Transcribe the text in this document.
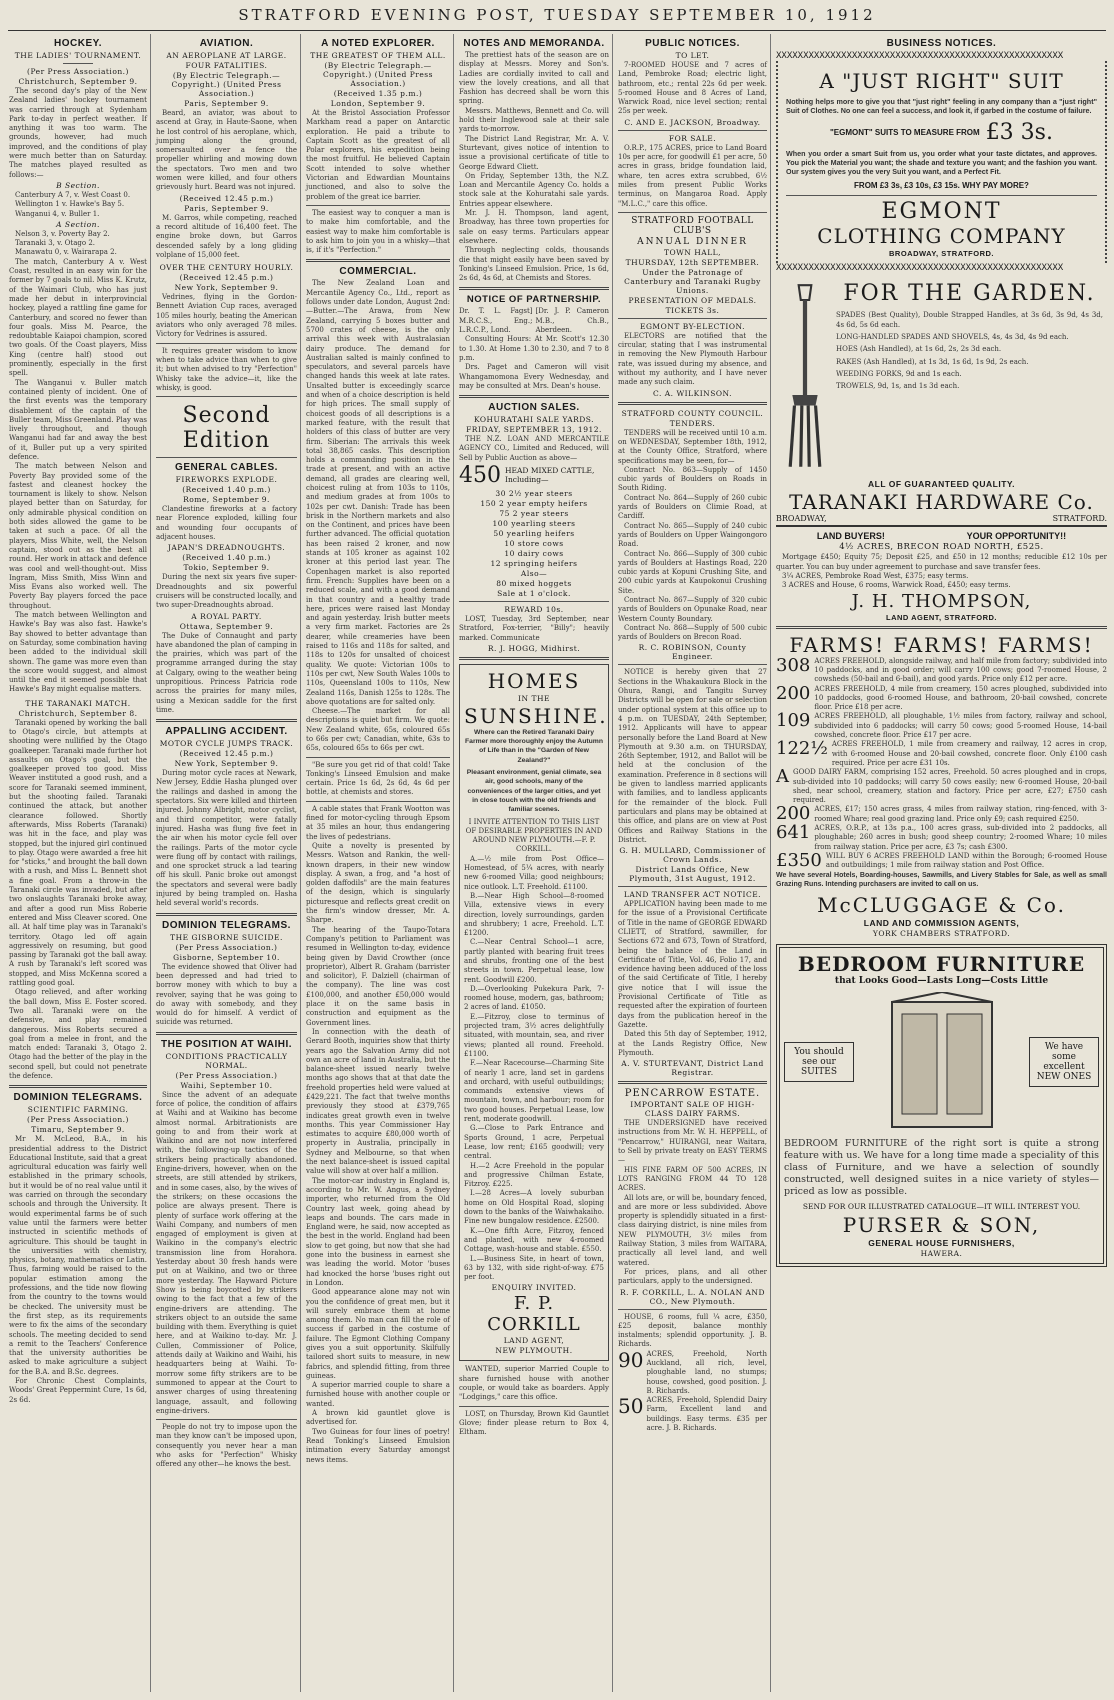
STRATFORD EVENING POST, TUESDAY SEPTEMBER 10, 1912
HOCKEY.
THE LADIES' TOURNAMENT.
(Per Press Association.)
Christchurch, September 9.

The second day's play of the New Zealand ladies' hockey tournament was carried through at Sydenham Park to-day in perfect weather. If anything it was too warm. The grounds, however, had much improved, and the conditions of play were much better than on Saturday. The matches played resulted as follows:—

B Section.

Canterbury A 7, v. West Coast 0.

Wellington 1 v. Hawke's Bay 5.

Wanganui 4, v. Buller 1.

A Section.

Nelson 3, v. Poverty Bay 2.

Taranaki 3, v. Otago 2.

Manawatu 0, v. Wairarapa 2.

The match, Canterbury A v. West Coast, resulted in an easy win for the former by 7 goals to nil. Miss K. Krutz, of the Waimari Club, who has just made her debut in interprovincial hockey, played a rattling fine game for Canterbury, and scored no fewer than four goals. Miss M. Pearce, the redoubtable Kaiapoi champion, scored two goals. Of the Coast players, Miss King (centre half) stood out prominently, especially in the first spell.

The Wanganui v. Buller match contained plenty of incident. One of the first events was the temporary disablement of the captain of the Buller team, Miss Greenland. Play was lively throughout, and though Wanganui had far and away the best of it, Buller put up a very spirited defence.

The match between Nelson and Poverty Bay provided some of the fastest and cleanest hockey the tournament is likely to show. Nelson played better than on Saturday, for only admirable physical condition on both sides allowed the game to be taken at such a pace. Of all the players, Miss White, well, the Nelson captain, stood out as the best all round. Her work in attack and defence was cool and well-thought-out. Miss Ingram, Miss Smith, Miss Winn and Miss Evans also worked well. The Poverty Bay players forced the pace throughout.

The match between Wellington and Hawke's Bay was also fast. Hawke's Bay showed to better advantage than on Saturday, some combination having been added to the individual skill shown. The game was more even than the score would suggest, and almost until the end it seemed possible that Hawke's Bay might equalise matters.

THE TARANAKI MATCH.
Christchurch, September 8.

Taranaki opened by working the ball to Otago's circle, but attempts at shooting were nullified by the Otago goalkeeper. Taranaki made further hot assaults on Otago's goal, but the goalkeeper proved too good. Miss Weaver instituted a good rush, and a score for Taranaki seemed imminent, but the shooting failed. Taranaki continued the attack, but another clearance followed. Shortly afterwards, Miss Roberts (Taranaki) was hit in the face, and play was stopped, but the injured girl continued to play. Otago were awarded a free hit for "sticks," and brought the ball down with a rush, and Miss L. Bennett shot a fine goal. From a throw-in the Taranaki circle was invaded, but after two onslaughts Taranaki broke away, and after a good run Miss Roberie entered and Miss Cleaver scored. One all. At half time play was in Taranaki's territory. Otago led off again aggressively on resuming, but good passing by Taranaki got the ball away. A rush by Taranaki's left scored was stopped, and Miss McKenna scored a rattling good goal.

Otago relieved, and after working the ball down, Miss E. Foster scored. Two all. Taranaki were on the defensive, and play remained dangerous. Miss Roberts secured a goal from a melee in front, and the match ended: Taranaki 3, Otago 2. Otago had the better of the play in the second spell, but could not penetrate the defence.

DOMINION TELEGRAMS.
SCIENTIFIC FARMING.
(Per Press Association.)
Timaru, September 9.

Mr M. McLeod, B.A., in his presidential address to the District Educational Institute, said that a great agricultural education was fairly well established in the primary schools, but it would be of no real value until it was carried on through the secondary schools and through the University. It would experimental farms be of such value until the farmers were better instructed in scientific methods of agriculture. This should be taught in the universities with chemistry, physics, botany, mathematics or Latin. Thus, farming would be raised to the popular estimation among the professions, and the tide now flowing from the country to the towns would be checked. The university must be the first step, as its requirements were to fix the aims of the secondary schools. The meeting decided to send a remit to the Teachers' Conference that the university authorities be asked to make agriculture a subject for the B.A. and B.Sc. degrees.

For Chronic Chest Complaints, Woods' Great Peppermint Cure, 1s 6d, 2s 6d.

AVIATION.
AN AEROPLANE AT LARGE.
FOUR FATALITIES.
(By Electric Telegraph.—Copyright.) (United Press Association.)
Paris, September 9.

Beard, an aviator, was about to ascend at Gray, in Haute-Saone, when he lost control of his aeroplane, which, jumping along the ground, somersaulted over a fence the propeller whirling and mowing down the spectators. Two men and two women were killed, and four others grievously hurt. Beard was not injured.

(Received 12.45 p.m.)
Paris, September 9.

M. Garros, while competing, reached a record altitude of 16,400 feet. The engine broke down, but Garros descended safely by a long gliding volplane of 15,000 feet.

OVER THE CENTURY HOURLY.
(Received 12.45 p.m.)
New York, September 9.

Vedrines, flying in the Gordon-Bennett Aviation Cup races, averaged 105 miles hourly, beating the American aviators who only averaged 78 miles. Victory for Vedrines is assured.

It requires greater wisdom to know when to take advice than when to give it; but when advised to try "Perfection" Whisky take the advice—it, like the whisky, is good.

Second Edition
GENERAL CABLES.
FIREWORKS EXPLODE.
(Received 1.40 p.m.)
Rome, September 9.

Clandestine fireworks at a factory near Florence exploded, killing four and wounding four occupants of adjacent houses.

JAPAN'S DREADNOUGHTS.
(Received 1.40 p.m.)
Tokio, September 9.

During the next six years five super-Dreadnoughts and six powerful cruisers will be constructed locally, and two super-Dreadnoughts abroad.

A ROYAL PARTY.
Ottawa, September 9.

The Duke of Connaught and party have abandoned the plan of camping in the prairies, which was part of the programme arranged during the stay at Calgary, owing to the weather being unpropitious. Princess Patricia rode across the prairies for many miles, using a Mexican saddle for the first time.

APPALLING ACCIDENT.
MOTOR CYCLE JUMPS TRACK.
(Received 12.45 p.m.)
New York, September 9.

During motor cycle races at Newark, New Jersey, Eddie Hasha plunged over the railings and dashed in among the spectators. Six were killed and thirteen injured. Johnny Albright, motor cyclist, and third competitor, were fatally injured. Hasha was flung five feet in the air when his motor cycle fell over the railings. Parts of the motor cycle were flung off by contact with railings, and one sprocket struck a lad tearing off his skull. Panic broke out amongst the spectators and several were badly injured by being trampled on. Hasha held several world's records.

DOMINION TELEGRAMS.
THE GISBORNE SUICIDE.
(Per Press Association.)
Gisborne, September 10.

The evidence showed that Oliver had been depressed and had tried to borrow money with which to buy a revolver, saying that he was going to do away with somebody, and they would do for himself. A verdict of suicide was returned.

THE POSITION AT WAIHI.
CONDITIONS PRACTICALLY NORMAL.
(Per Press Association.)
Waihi, September 10.

Since the advent of an adequate force of police, the condition of affairs at Waihi and at Waikino has become almost normal. Arbitrationists are going to and from their work at Waikino and are not now interfered with, the following-up tactics of the strikers being practically abandoned. Engine-drivers, however, when on the streets, are still attended by strikers, and in some cases, also, by the wives of the strikers; on these occasions the police are always present. There is plenty of surface work offering at the Waihi Company, and numbers of men engaged of employment is given at Waikino in the company's electric transmission line from Horahora. Yesterday about 30 fresh hands were put on at Waikino, and two or three more yesterday. The Hayward Picture Show is being boycotted by strikers owing to the fact that a few of the engine-drivers are attending. The strikers object to an outside the same building with them. Everything is quiet here, and at Waikino to-day. Mr. J. Cullen, Commissioner of Police, attends daily at Waikino and Waihi, his headquarters being at Waihi. To-morrow some fifty strikers are to be summoned to appear at the Court to answer charges of using threatening language, assault, and following engine-drivers.

People do not try to impose upon the man they know can't be imposed upon, consequently you never hear a man who asks for "Perfection" Whisky offered any other—he knows the best.

A NOTED EXPLORER.
THE GREATEST OF THEM ALL.
(By Electric Telegraph.—Copyright.) (United Press Association.)
(Received 1.35 p.m.)
London, September 9.

At the Bristol Association Professor Markham read a paper on Antarctic exploration. He paid a tribute to Captain Scott as the greatest of all Polar explorers, his expedition being the most fruitful. He believed Captain Scott intended to solve whether Victorian and Edwardian Mountains junctioned, and also to solve the problem of the great ice barrier.

The easiest way to conquer a man is to make him comfortable, and the easiest way to make him comfortable is to ask him to join you in a whisky—that is, if it's "Perfection."

COMMERCIAL.

The New Zealand Loan and Mercantile Agency Co., Ltd., report as follows under date London, August 2nd:—Butter.—The Arawa, from New Zealand, carrying 5 boxes butter and 5700 crates of cheese, is the only arrival this week with Australasian dairy produce. The demand for Australian salted is mainly confined to speculators, and several parcels have changed hands this week at late rates. Unsalted butter is exceedingly scarce and when of a choice description is held for high prices. The small supply of choicest goods of all descriptions is a marked feature, with the result that holders of this class of butter are very firm. Siberian: The arrivals this week total 38,865 casks. This description holds a commanding position in the trade at present, and with an active demand, all grades are clearing well, choicest ruling at from 103s to 110s, and medium grades at from 100s to 102s per cwt. Danish: Trade has been brisk in the Northern markets and also on the Continent, and prices have been further advanced. The official quotation has been raised 2 kroner, and now stands at 105 kroner as against 102 kroner at this period last year. The Copenhagen market is also reported firm. French: Supplies have been on a reduced scale, and with a good demand in that country and a healthy trade here, prices were raised last Monday and again yesterday. Irish butter meets a very firm market. Factories are 2s dearer, while creameries have been raised to 116s and 118s for salted, and 118s to 120s for unsalted of choicest quality. We quote: Victorian 100s to 110s per cwt, New South Wales 100s to 110s, Queensland 100s to 110s, New Zealand 116s, Danish 125s to 128s. The above quotations are for salted only.

Cheese.—The market for all descriptions is quiet but firm. We quote: New Zealand white, 65s, coloured 65s to 66s per cwt; Canadian, white, 63s to 65s, coloured 65s to 66s per cwt.

"Be sure you get rid of that cold! Take Tonking's Linseed Emulsion and make certain. Price 1s 6d, 2s 6d, 4s 6d per bottle, at chemists and stores.

A cable states that Frank Wootton was fined for motor-cycling through Epsom at 35 miles an hour, thus endangering the lives of pedestrians.

Quite a novelty is presented by Messrs. Watson and Rankin, the well-known drapers, in their new window display. A swan, a frog, and "a host of golden daffodils" are the main features of the design, which is singularly picturesque and reflects great credit on the firm's window dresser, Mr. A. Sharpe.

The hearing of the Taupo-Totara Company's petition to Parliament was resumed in Wellington to-day, evidence being given by David Crowther (once proprietor), Albert R. Graham (barrister and solicitor), F. Dalziell (chairman of the company). The line was cost £100,000, and another £50,000 would place it on the same basis in construction and equipment as the Government lines.

In connection with the death of Gerard Booth, inquiries show that thirty years ago the Salvation Army did not own an acre of land in Australia, but the balance-sheet issued nearly twelve months ago shows that at that date the freehold properties held were valued at £429,221. The fact that twelve months previously they stood at £379,765 indicates great growth even in twelve months. This year Commissioner Hay estimates to acquire £80,000 worth of property in Australia, principally in Sydney and Melbourne, so that when the next balance-sheet is issued capital value will show at over half a million.

The motor-car industry in England is, according to Mr. W. Angus, a Sydney importer, who returned from the Old Country last week, going ahead by leaps and bounds. The cars made in England were, he said, now accepted as the best in the world. England had been slow to get going, but now that she had gone into the business in earnest she was leading the world. Motor 'buses had knocked the horse 'buses right out in London.

Good appearance alone may not win you the confidence of great men, but it will surely embrace them at home among them. No man can fill the role of success if garbed in the costume of failure. The Egmont Clothing Company gives you a suit opportunity. Skilfully tailored short suits to measure, in new fabrics, and splendid fitting, from three guineas.

A superior married couple to share a furnished house with another couple or wanted.

A brown kid gauntlet glove is advertised for.

Two Guineas for four lines of poetry! Read Tonking's Linseed Emulsion intimation every Saturday amongst news items.

NOTES AND MEMORANDA.

The prettiest hats of the season are on display at Messrs. Morey and Son's. Ladies are cordially invited to call and view the lovely creations, and all that Fashion has decreed shall be worn this spring.

Messrs. Matthews, Bennett and Co. will hold their Inglewood sale at their sale yards to-morrow.

The District Land Registrar, Mr. A. V. Sturtevant, gives notice of intention to issue a provisional certificate of title to George Edward Cliett.

On Friday, September 13th, the N.Z. Loan and Mercantile Agency Co. holds a stock sale at the Kohuratahi sale yards. Entries appear elsewhere.

Mr. J. H. Thompson, land agent, Broadway, has three town properties for sale on easy terms. Particulars appear elsewhere.

Through neglecting colds, thousands die that might easily have been saved by Tonking's Linseed Emulsion. Price, 1s 6d, 2s 6d, 4s 6d, at Chemists and Stores.

NOTICE OF PARTNERSHIP.

Dr. T. L. Fagst] M.R.C.S., Eng.; L.R.C.P., Lond.

[Dr. J. P. Cameron M.B., Ch.B., Aberdeen.

Consulting Hours: At Mr. Scott's 12.30 to 1.30. At Home 1.30 to 2.30, and 7 to 8 p.m.

Drs. Paget and Cameron will visit Whangamomona Every Wednesday, and may be consulted at Mrs. Dean's house.

AUCTION SALES.
KOHURATAHI SALE YARDS.
FRIDAY, SEPTEMBER 13, 1912.

THE N.Z. LOAN AND MERCANTILE AGENCY CO., Limited and Reduced, will Sell by Public Auction as above—

450 HEAD MIXED CATTLE, Including—
30 2½ year steers
150 2 year empty heifers
75 2 year steers
100 yearling steers
50 yearling heifers
10 store cows
10 dairy cows
12 springing heifers
Also—
80 mixed hoggets
Sale at 1 o'clock.
REWARD 10s.

LOST, Tuesday, 3rd September, near Stratford, Fox-terrier, "Billy"; heavily marked. Communicate

R. J. HOGG, Midhirst.
HOMES
IN THE
SUNSHINE.

Where can the Retired Taranaki Dairy Farmer more thoroughly enjoy the Autumn of Life than in the "Garden of New Zealand?"

Pleasant environment, genial climate, sea air, good schools, many of the conveniences of the larger cities, and yet in close touch with the old friends and familiar scenes.

I INVITE ATTENTION TO THIS LIST OF DESIRABLE PROPERTIES IN AND AROUND NEW PLYMOUTH.—F. P. CORKILL.

A.—½ mile from Post Office—Homestead, of 5¼ acres, with nearly new 6-roomed Villa; good neighbours; nice outlook. L.T. Freehold. £1100.

B.—Near High School—8-roomed Villa, extensive views in every direction, lovely surroundings, garden and shrubbery; 1 acre, Freehold. L.T. £1200.

C.—Near Central School—1 acre, partly planted with bearing fruit trees and shrubs, fronting one of the best streets in town. Perpetual lease, low rent. Goodwill £200.

D.—Overlooking Pukekura Park, 7-roomed house, modern, gas, bathroom; 2 acres of land. £1050.

E.—Fitzroy, close to terminus of projected tram, 3½ acres delightfully situated, with mountain, sea, and river views; planted all round. Freehold. £1100.

F.—Near Racecourse—Charming Site of nearly 1 acre, land set in gardens and orchard, with useful outbuildings; commands extensive views of mountain, town, and harbour; room for two good houses. Perpetual Lease, low rent, moderate goodwill.

G.—Close to Park Entrance and Sports Ground, 1 acre, Perpetual Lease, low rent; £165 goodwill; very central.

H.—2 Acre Freehold in the popular and progressive Chilman Estate, Fitzroy. £225.

I.—28 Acres—A lovely suburban home on Old Hospital Road, sloping down to the banks of the Waiwhakaiho. Fine new bungalow residence. £2500.

K.—One fifth Acre, Fitzroy, fenced and planted, with new 4-roomed Cottage, wash-house and stable. £550.

L.—Business Site, in heart of town, 63 by 132, with side right-of-way. £75 per foot.

ENQUIRY INVITED.
F. P. CORKILL
LAND AGENT,
NEW PLYMOUTH.

WANTED, superior Married Couple to share furnished house with another couple, or would take as boarders. Apply "Lodgings," care this office.

LOST, on Thursday, Brown Kid Gauntlet Glove; finder please return to Box 4, Eltham.

PUBLIC NOTICES.
TO LET.

7-ROOMED HOUSE and 7 acres of Land, Pembroke Road; electric light, bathroom, etc.; rental 22s 6d per week. 5-roomed House and 8 Acres of Land, Warwick Road, nice level section; rental 25s per week.

C. AND E. JACKSON, Broadway.
FOR SALE.

O.R.P., 175 ACRES, price to Land Board 10s per acre, for goodwill £1 per acre, 50 acres in grass, bridge foundation laid, whare, ten acres extra scrubbed, 6½ miles from present Public Works terminus, on Mangaroa Road. Apply "M.L.C.," care this office.

STRATFORD FOOTBALL CLUB'S
ANNUAL DINNER
TOWN HALL,
THURSDAY, 12th SEPTEMBER.
Under the Patronage of Canterbury and Taranaki Rugby Unions.
PRESENTATION OF MEDALS.
TICKETS 3s.
EGMONT BY-ELECTION.

ELECTORS are notified that the circular, stating that I was instrumental in removing the New Plymouth Harbour rate, was issued during my absence, and without my authority, and I have never made any such claim.

C. A. WILKINSON.
STRATFORD COUNTY COUNCIL.
TENDERS.

TENDERS will be received until 10 a.m. on WEDNESDAY, September 18th, 1912, at the County Office, Stratford, where specifications may be seen, for—

Contract No. 863—Supply of 1450 cubic yards of Boulders on Roads in South Riding.

Contract No. 864—Supply of 260 cubic yards of Boulders on Climie Road, at Cardiff.

Contract No. 865—Supply of 240 cubic yards of Boulders on Upper Waingongoro Road.

Contract No. 866—Supply of 300 cubic yards of Boulders at Hastings Road, 220 cubic yards at Kopuni Crushing Site, and 200 cubic yards at Kaupokonui Crushing Site.

Contract No. 867—Supply of 320 cubic yards of Boulders on Opunake Road, near Western County Boundary.

Contract No. 868—Supply of 500 cubic yards of Boulders on Brecon Road.

R. C. ROBINSON, County Engineer.

NOTICE is hereby given that 27 Sections in the Whakaukura Block in the Ohura, Rangi, and Tangitu Survey Districts will be open for sale or selection under optional system at this office up to 4 p.m. on TUESDAY, 24th September, 1912. Applicants will have to appear personally before the Land Board at New Plymouth at 9.30 a.m. on THURSDAY, 26th September, 1912, and Ballot will be held at the conclusion of the examination. Preference in 8 sections will be given to landless married applicants with families, and to landless applicants for the remainder of the block. Full particulars and plans may be obtained at this office, and plans are on view at Post Offices and Railway Stations in the District.

G. H. MULLARD, Commissioner of Crown Lands.
District Lands Office, New Plymouth, 31st August, 1912.
LAND TRANSFER ACT NOTICE.

APPLICATION having been made to me for the issue of a Provisional Certificate of Title in the name of GEORGE EDWARD CLIETT, of Stratford, sawmiller, for Sections 672 and 673, Town of Stratford, being the balance of the Land in Certificate of Title, Vol. 46, Folio 17, and evidence having been adduced of the loss of the said Certificate of Title, I hereby give notice that I will issue the Provisional Certificate of Title as requested after the expiration of fourteen days from the publication hereof in the Gazette.

Dated this 5th day of September, 1912, at the Lands Registry Office, New Plymouth.

A. V. STURTEVANT, District Land Registrar.
PENCARROW ESTATE.
IMPORTANT SALE OF HIGH-CLASS DAIRY FARMS.

THE UNDERSIGNED have received instructions from Mr. W. H. HEPPELL, of "Pencarrow," HUIRANGI, near Waitara, to Sell by private treaty on EASY TERMS—

HIS FINE FARM OF 500 ACRES, IN LOTS RANGING FROM 44 TO 128 ACRES.

All lots are, or will be, boundary fenced, and are more or less subdivided. Above property is splendidly situated in a first-class dairying district, is nine miles from NEW PLYMOUTH, 3½ miles from Railway Station, 3 miles from WAITARA, practically all level land, and well watered.

For prices, plans, and all other particulars, apply to the undersigned.

R. F. CORKILL, L. A. NOLAN AND CO., New Plymouth.

HOUSE, 6 rooms, full ¼ acre, £350, £25 deposit, balance monthly instalments; splendid opportunity. J. B. Richards.

90 ACRES, Freehold, North Auckland, all rich, level, ploughable land, no stumps; house, cowshed, good position. J. B. Richards.

50 ACRES, Freehold, Splendid Dairy Farm, Excellent land and buildings. Easy terms. £35 per acre. J. B. Richards.

BUSINESS NOTICES.
XXXXXXXXXXXXXXXXXXXXXXXXXXXXXXXXXXXXXXXXXXXXXXXXXXXXX
A "JUST RIGHT" SUIT

Nothing helps more to give you that "just right" feeling in any company than a "just right" Suit of Clothes. No one can feel a success, and look it, if garbed in the costume of failure.

"EGMONT" SUITS TO MEASURE FROM £3 3s.

When you order a smart Suit from us, you order what your taste dictates, and approves. You pick the Material you want; the shade and texture you want; and the fashion you want. Our system gives you the very Suit you want, and a Perfect Fit.

FROM £3 3s, £3 10s, £3 15s. WHY PAY MORE?
EGMONT
CLOTHING COMPANY
BROADWAY, STRATFORD.
XXXXXXXXXXXXXXXXXXXXXXXXXXXXXXXXXXXXXXXXXXXXXXXXXXXXX
FOR THE GARDEN.

SPADES (Best Quality), Double Strapped Handles, at 3s 6d, 3s 9d, 4s 3d, 4s 6d, 5s 6d each.

LONG-HANDLED SPADES AND SHOVELS, 4s, 4s 3d, 4s 9d each.

HOES (Ash Handled), at 1s 6d, 2s, 2s 3d each.

RAKES (Ash Handled), at 1s 3d, 1s 6d, 1s 9d, 2s each.

WEEDING FORKS, 9d and 1s each.

TROWELS, 9d, 1s, and 1s 3d each.

ALL OF GUARANTEED QUALITY.
TARANAKI HARDWARE Co.
BROADWAY,	STRATFORD.
LAND BUYERS!	YOUR OPPORTUNITY!!
4½ ACRES, BRECON ROAD NORTH, £525.

Mortgage £450; Equity 75; Deposit £25, and £50 in 12 months; reducible £12 10s per quarter. You can buy under agreement to purchase and save transfer fees.

3¼ ACRES, Pembroke Road West, £375; easy terms.

3 ACRES and House, 6 rooms, Warwick Road, £450; easy terms.

J. H. THOMPSON,
LAND AGENT, STRATFORD.
FARMS! FARMS! FARMS!
308 ACRES FREEHOLD, alongside railway, and half mile from factory; subdivided into 10 paddocks, and in good order; will carry 100 cows; good 7-roomed House, 2 cowsheds (50-bail and 6-bail), and good yards. Price only £12 per acre.

200 ACRES FREEHOLD, 4 mile from creamery, 150 acres ploughed, subdivided into 10 paddocks, good 6-roomed House, and bathroom, 20-bail cowshed, concrete floor. Price £18 per acre.

109 ACRES FREEHOLD, all ploughable, 1½ miles from factory, railway and school, subdivided into 6 paddocks; will carry 50 cows; good 5-roomed House, 14-bail cowshed, concrete floor. Price £17 per acre.

122½ ACRES FREEHOLD, 1 mile from creamery and railway, 12 acres in crop, with 6-roomed House and 20-bail cowshed, concrete floor. Only £100 cash required. Price per acre £31 10s.

A GOOD DAIRY FARM, comprising 152 acres, Freehold. 50 acres ploughed and in crops, sub-divided into 10 paddocks; will carry 50 cows easily; new 6-roomed House, 20-bail shed, near school, creamery, station and factory. Price per acre, £27; £750 cash required.

200 ACRES, £17; 150 acres grass, 4 miles from railway station, ring-fenced, with 3-roomed Whare; real good grazing land. Price only £9; cash required £250.

641 ACRES, O.R.P., at 13s p.a., 100 acres grass, sub-divided into 2 paddocks, all ploughable; 260 acres in bush; good sheep country; 2-roomed Whare; 10 miles from railway station. Price per acre, £3 7s; cash £300.

£350 WILL BUY 6 ACRES FREEHOLD LAND within the Borough; 6-roomed House and outbuildings; 1 mile from railway station and Post Office.

We have several Hotels, Boarding-houses, Sawmills, and Livery Stables for Sale, as well as small Grazing Runs. Intending purchasers are invited to call on us.

McCLUGGAGE & Co.
LAND AND COMMISSION AGENTS,
YORK CHAMBERS STRATFORD.
BEDROOM FURNITURE
that Looks Good—Lasts Long—Costs Little
You should see our SUITES
We have some excellent NEW ONES

BEDROOM FURNITURE of the right sort is quite a strong feature with us. We have for a long time made a speciality of this class of Furniture, and we have a selection of soundly constructed, well designed suites in a nice variety of styles—priced as low as possible.

SEND FOR OUR ILLUSTRATED CATALOGUE—IT WILL INTEREST YOU.
PURSER & SON,
GENERAL HOUSE FURNISHERS,
HAWERA.
